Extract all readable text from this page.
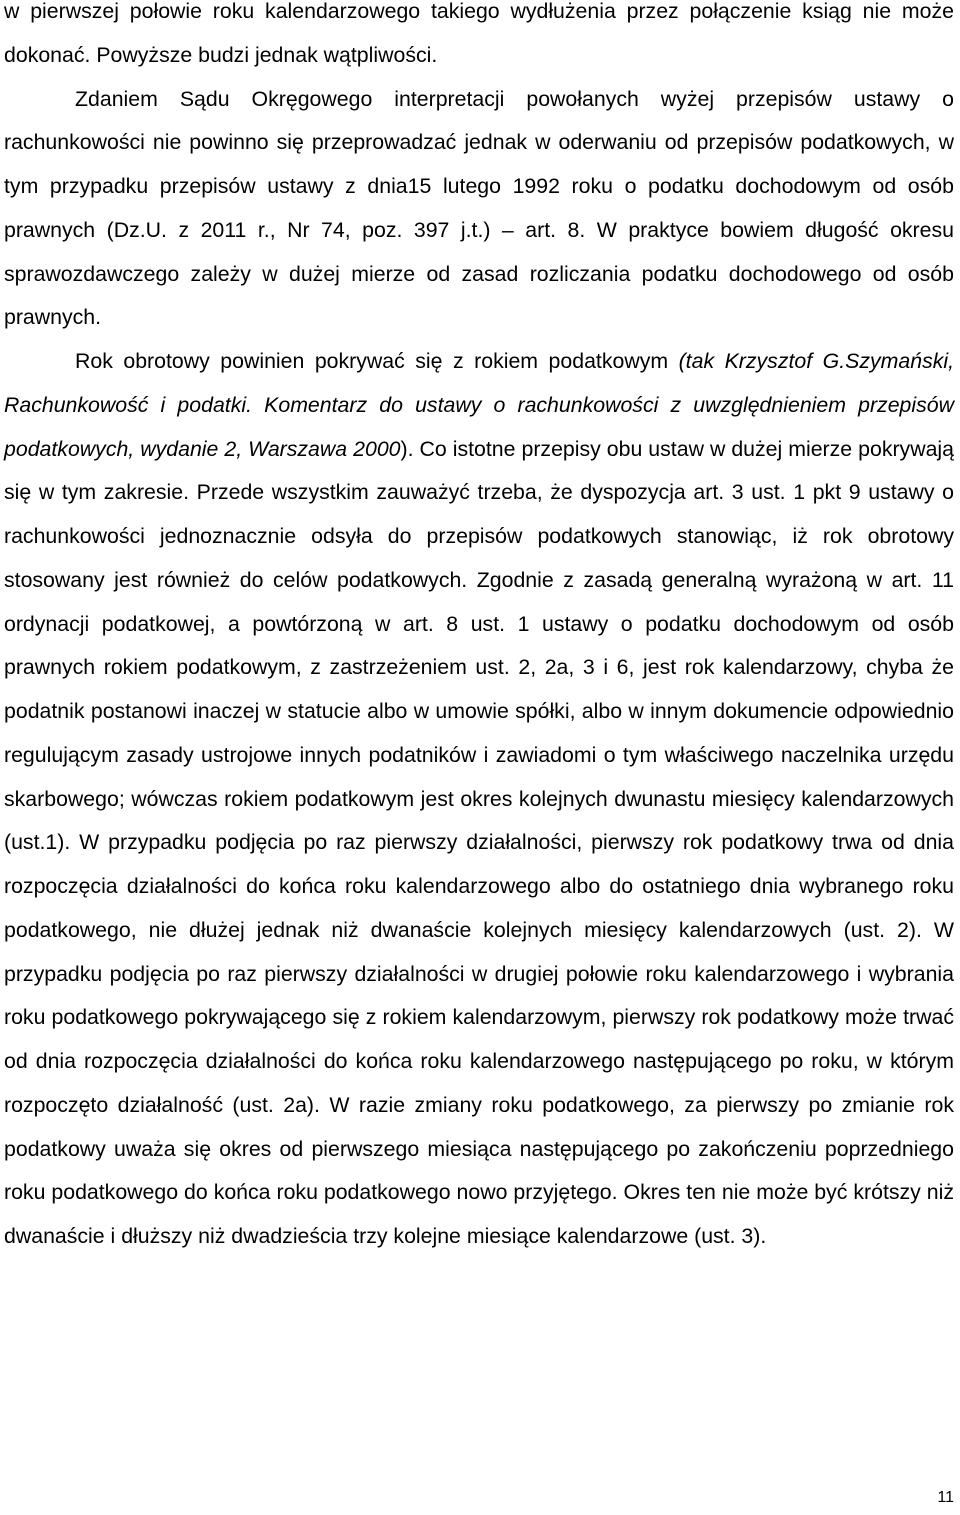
w pierwszej połowie roku kalendarzowego takiego wydłużenia przez połączenie ksiąg nie może dokonać. Powyższe budzi jednak wątpliwości.

Zdaniem Sądu Okręgowego interpretacji powołanych wyżej przepisów ustawy o rachunkowości nie powinno się przeprowadzać jednak w oderwaniu od przepisów podatkowych, w tym przypadku przepisów ustawy z dnia15 lutego 1992 roku o podatku dochodowym od osób prawnych (Dz.U. z 2011 r., Nr 74, poz. 397 j.t.) – art. 8. W praktyce bowiem długość okresu sprawozdawczego zależy w dużej mierze od zasad rozliczania podatku dochodowego od osób prawnych.

Rok obrotowy powinien pokrywać się z rokiem podatkowym (tak Krzysztof G.Szymański, Rachunkowość i podatki. Komentarz do ustawy o rachunkowości z uwzględnieniem przepisów podatkowych, wydanie 2, Warszawa 2000). Co istotne przepisy obu ustaw w dużej mierze pokrywają się w tym zakresie. Przede wszystkim zauważyć trzeba, że dyspozycja art. 3 ust. 1 pkt 9 ustawy o rachunkowości jednoznacznie odsyła do przepisów podatkowych stanowiąc, iż rok obrotowy stosowany jest również do celów podatkowych. Zgodnie z zasadą generalną wyrażoną w art. 11 ordynacji podatkowej, a powtórzoną w art. 8 ust. 1 ustawy o podatku dochodowym od osób prawnych rokiem podatkowym, z zastrzeżeniem ust. 2, 2a, 3 i 6, jest rok kalendarzowy, chyba że podatnik postanowi inaczej w statucie albo w umowie spółki, albo w innym dokumencie odpowiednio regulującym zasady ustrojowe innych podatników i zawiadomi o tym właściwego naczelnika urzędu skarbowego; wówczas rokiem podatkowym jest okres kolejnych dwunastu miesięcy kalendarzowych (ust.1). W przypadku podjęcia po raz pierwszy działalności, pierwszy rok podatkowy trwa od dnia rozpoczęcia działalności do końca roku kalendarzowego albo do ostatniego dnia wybranego roku podatkowego, nie dłużej jednak niż dwanaście kolejnych miesięcy kalendarzowych (ust. 2). W przypadku podjęcia po raz pierwszy działalności w drugiej połowie roku kalendarzowego i wybrania roku podatkowego pokrywającego się z rokiem kalendarzowym, pierwszy rok podatkowy może trwać od dnia rozpoczęcia działalności do końca roku kalendarzowego następującego po roku, w którym rozpoczęto działalność (ust. 2a). W razie zmiany roku podatkowego, za pierwszy po zmianie rok podatkowy uważa się okres od pierwszego miesiąca następującego po zakończeniu poprzedniego roku podatkowego do końca roku podatkowego nowo przyjętego. Okres ten nie może być krótszy niż dwanaście i dłuższy niż dwadzieścia trzy kolejne miesiące kalendarzowe (ust. 3).

11
